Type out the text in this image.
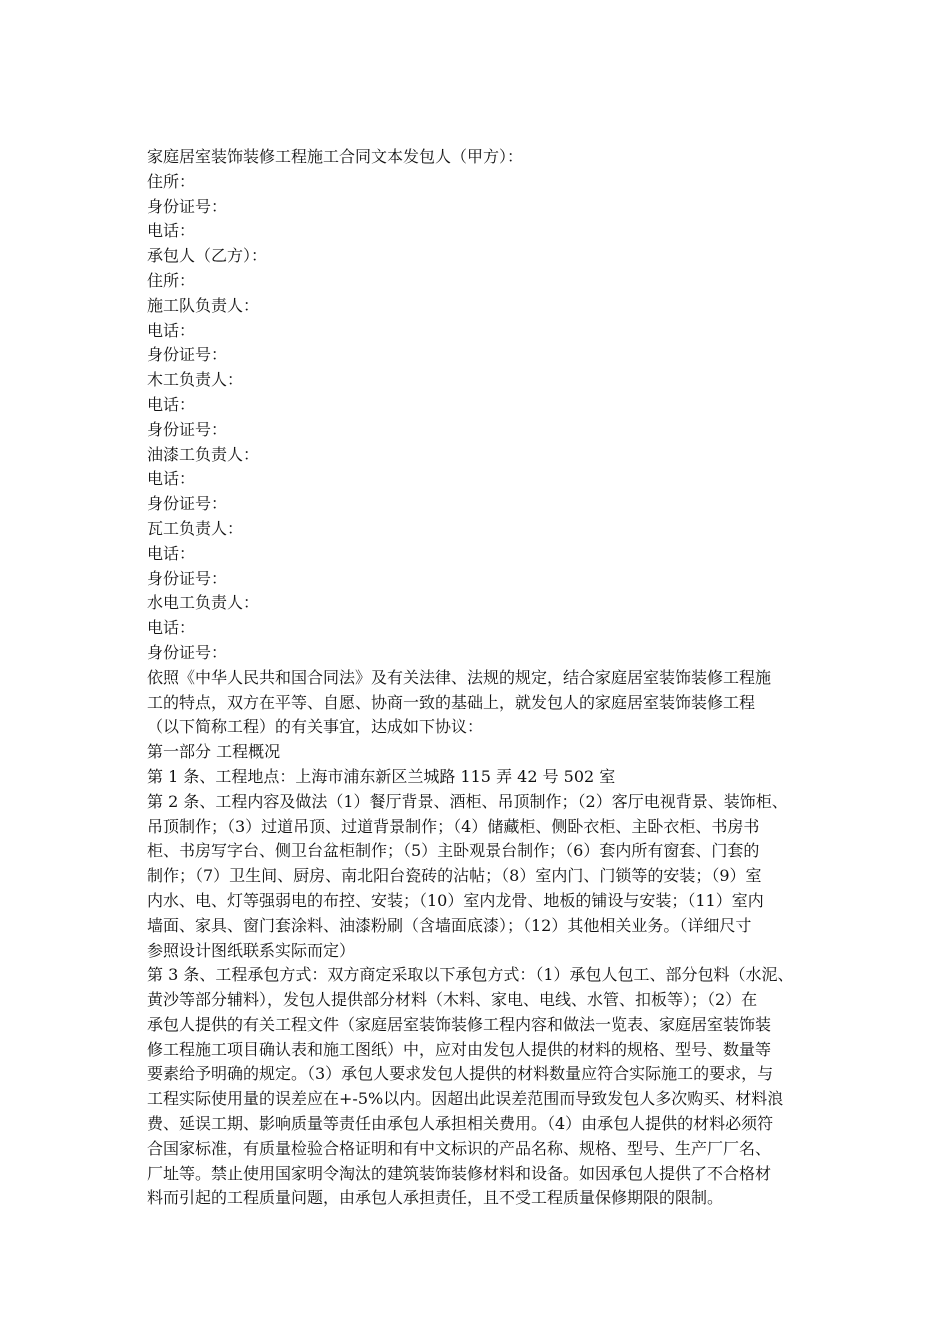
家庭居室装饰装修工程施工合同文本发包人（甲方）：

住所：

身份证号：

电话：

承包人（乙方）：

住所：

施工队负责人：

电话：

身份证号：

木工负责人：

电话：

身份证号：

油漆工负责人：

电话：

身份证号：

瓦工负责人：

电话：

身份证号：

水电工负责人：

电话：

身份证号：

依照《中华人民共和国合同法》及有关法律、法规的规定，结合家庭居室装饰装修工程施

工的特点，双方在平等、自愿、协商一致的基础上，就发包人的家庭居室装饰装修工程

（以下简称工程）的有关事宜，达成如下协议：

第一部分 工程概况

第 1 条、工程地点：上海市浦东新区兰城路 115 弄 42 号 502 室

第 2 条、工程内容及做法（1）餐厅背景、酒柜、吊顶制作；（2）客厅电视背景、装饰柜、

吊顶制作；（3）过道吊顶、过道背景制作；（4）储藏柜、侧卧衣柜、主卧衣柜、书房书

柜、书房写字台、侧卫台盆柜制作；（5）主卧观景台制作；（6）套内所有窗套、门套的

制作；（7）卫生间、厨房、南北阳台瓷砖的沾帖；（8）室内门、门锁等的安装；（9）室

内水、电、灯等强弱电的布控、安装；（10）室内龙骨、地板的铺设与安装；（11）室内

墙面、家具、窗门套涂料、油漆粉刷（含墙面底漆）；（12）其他相关业务。（详细尺寸

参照设计图纸联系实际而定）

第 3 条、工程承包方式：双方商定采取以下承包方式：（1）承包人包工、部分包料（水泥、

黄沙等部分辅料），发包人提供部分材料（木料、家电、电线、水管、扣板等）；（2）在

承包人提供的有关工程文件（家庭居室装饰装修工程内容和做法一览表、家庭居室装饰装

修工程施工项目确认表和施工图纸）中，应对由发包人提供的材料的规格、型号、数量等

要素给予明确的规定。（3）承包人要求发包人提供的材料数量应符合实际施工的要求，与

工程实际使用量的误差应在+-5%以内。因超出此误差范围而导致发包人多次购买、材料浪

费、延误工期、影响质量等责任由承包人承担相关费用。（4）由承包人提供的材料必须符

合国家标准，有质量检验合格证明和有中文标识的产品名称、规格、型号、生产厂厂名、

厂址等。禁止使用国家明令淘汰的建筑装饰装修材料和设备。如因承包人提供了不合格材

料而引起的工程质量问题，由承包人承担责任，且不受工程质量保修期限的限制。
